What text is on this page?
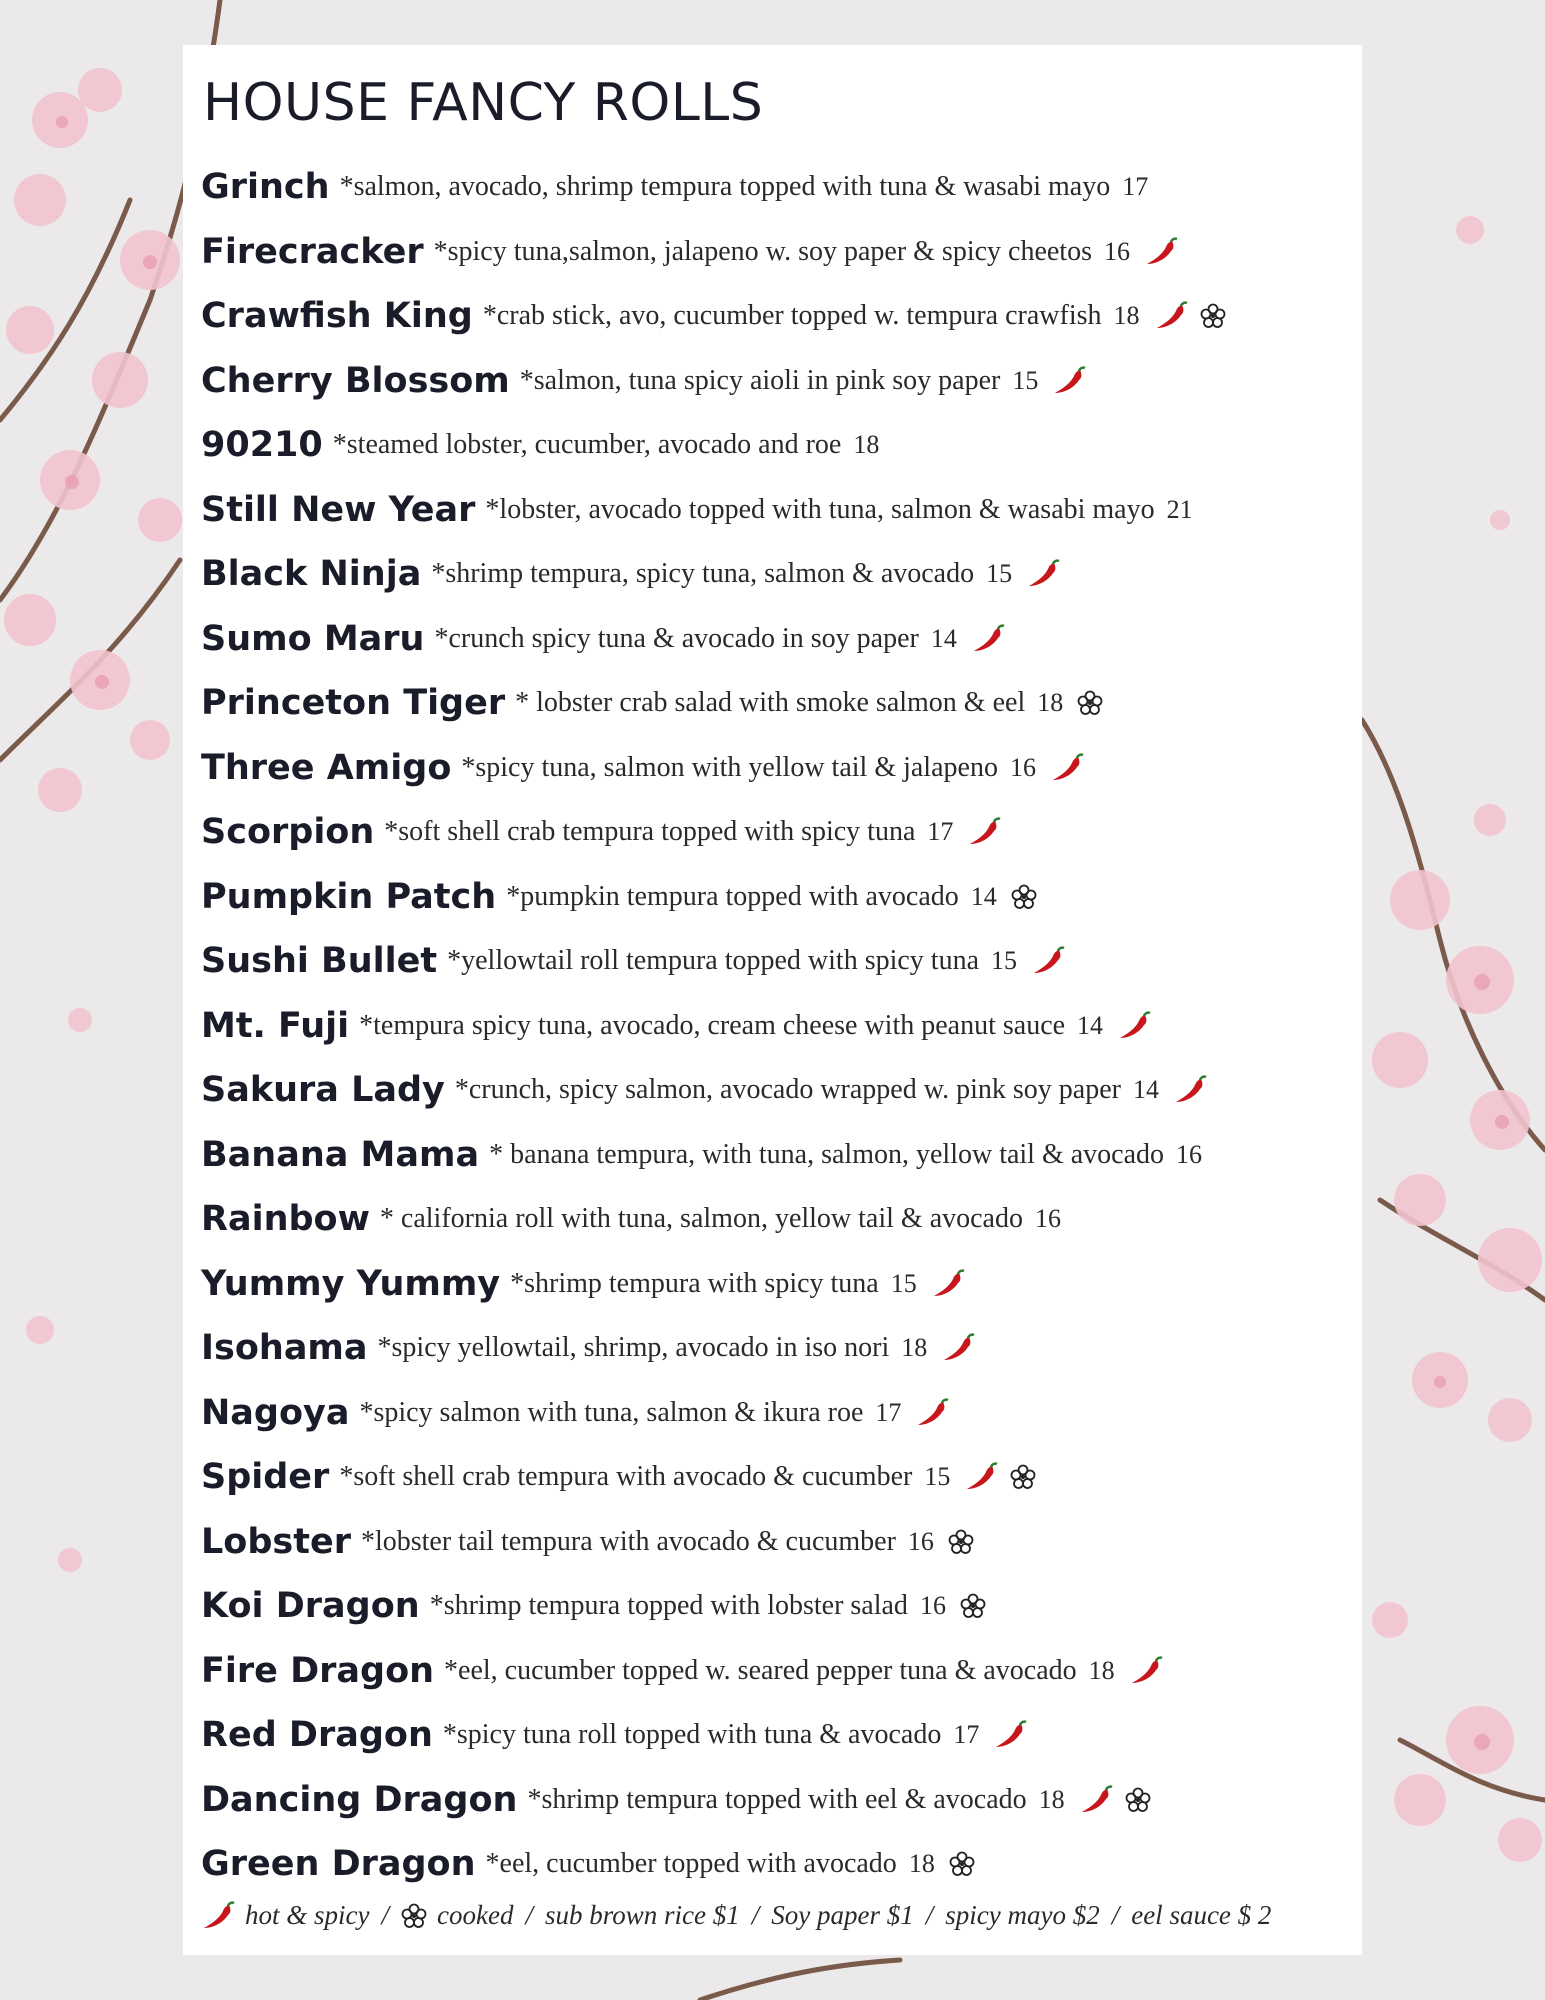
HOUSE FANCY ROLLS
Grinch *salmon, avocado, shrimp tempura topped with tuna & wasabi mayo 17
Firecracker *spicy tuna,salmon, jalapeno w. soy paper & spicy cheetos 16
Crawfish King *crab stick, avo, cucumber topped w. tempura crawfish 18
Cherry Blossom *salmon, tuna spicy aioli in pink soy paper 15
90210 *steamed lobster, cucumber, avocado and roe 18
Still New Year *lobster, avocado topped with tuna, salmon & wasabi mayo 21
Black Ninja *shrimp tempura, spicy tuna, salmon & avocado 15
Sumo Maru *crunch spicy tuna & avocado in soy paper 14
Princeton Tiger * lobster crab salad with smoke salmon & eel 18
Three Amigo *spicy tuna, salmon with yellow tail & jalapeno 16
Scorpion *soft shell crab tempura topped with spicy tuna 17
Pumpkin Patch *pumpkin tempura topped with avocado 14
Sushi Bullet *yellowtail roll tempura topped with spicy tuna 15
Mt. Fuji *tempura spicy tuna, avocado, cream cheese with peanut sauce 14
Sakura Lady *crunch, spicy salmon, avocado wrapped w. pink soy paper 14
Banana Mama * banana tempura, with tuna, salmon, yellow tail & avocado 16
Rainbow * california roll with tuna, salmon, yellow tail & avocado 16
Yummy Yummy *shrimp tempura with spicy tuna 15
Isohama *spicy yellowtail, shrimp, avocado in iso nori 18
Nagoya *spicy salmon with tuna, salmon & ikura roe 17
Spider *soft shell crab tempura with avocado & cucumber 15
Lobster *lobster tail tempura with avocado & cucumber 16
Koi Dragon *shrimp tempura topped with lobster salad 16
Fire Dragon *eel, cucumber topped w. seared pepper tuna & avocado 18
Red Dragon *spicy tuna roll topped with tuna & avocado 17
Dancing Dragon *shrimp tempura topped with eel & avocado 18
Green Dragon *eel, cucumber topped with avocado 18
hot & spicy / cooked / sub brown rice $1 / Soy paper $1 / spicy mayo $2 / eel sauce $ 2
